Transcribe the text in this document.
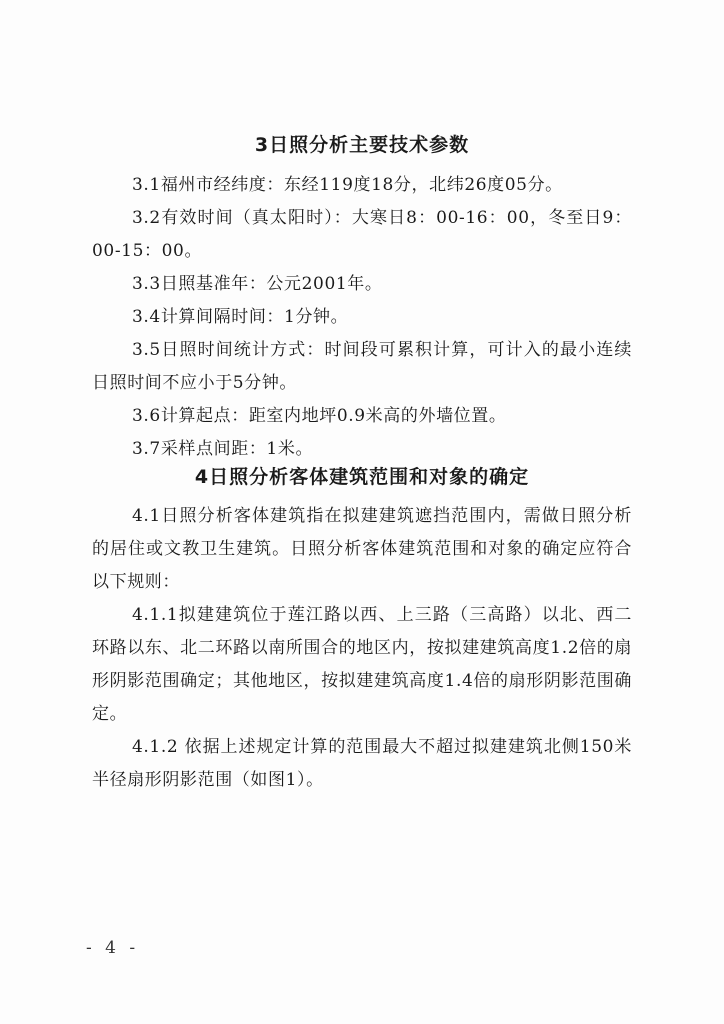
3日照分析主要技术参数

3.1福州市经纬度：东经119度18分，北纬26度05分。

3.2有效时间（真太阳时）：大寒日8：00-16：00，冬至日9：00-15：00。

3.3日照基准年：公元2001年。

3.4计算间隔时间：1分钟。

3.5日照时间统计方式：时间段可累积计算，可计入的最小连续日照时间不应小于5分钟。

3.6计算起点：距室内地坪0.9米高的外墙位置。

3.7采样点间距：1米。

4日照分析客体建筑范围和对象的确定

4.1日照分析客体建筑指在拟建建筑遮挡范围内，需做日照分析的居住或文教卫生建筑。日照分析客体建筑范围和对象的确定应符合以下规则：

4.1.1拟建建筑位于莲江路以西、上三路（三高路）以北、西二环路以东、北二环路以南所围合的地区内，按拟建建筑高度1.2倍的扇形阴影范围确定；其他地区，按拟建建筑高度1.4倍的扇形阴影范围确定。

4.1.2 依据上述规定计算的范围最大不超过拟建建筑北侧150米半径扇形阴影范围（如图1）。

- 4 -
